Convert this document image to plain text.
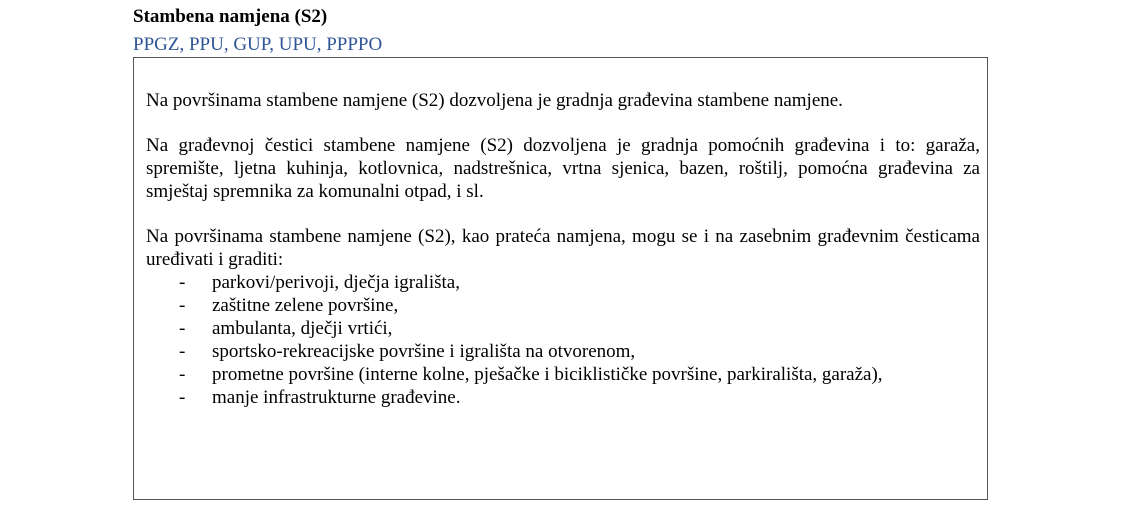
Stambena namjena (S2)
PPGZ, PPU, GUP, UPU, PPPPO

Na površinama stambene namjene (S2) dozvoljena je gradnja građevina stambene namjene.

Na građevnoj čestici stambene namjene (S2) dozvoljena je gradnja pomoćnih građevina i to: garaža, spremište, ljetna kuhinja, kotlovnica, nadstrešnica, vrtna sjenica, bazen, roštilj, pomoćna građevina za smještaj spremnika za komunalni otpad, i sl.

Na površinama stambene namjene (S2), kao prateća namjena, mogu se i na zasebnim građevnim česticama uređivati i graditi:

- parkovi/perivoji, dječja igrališta,
- zaštitne zelene površine,
- ambulanta, dječji vrtići,
- sportsko-rekreacijske površine i igrališta na otvorenom,
- prometne površine (interne kolne, pješačke i biciklističke površine, parkirališta, garaža),
- manje infrastrukturne građevine.
